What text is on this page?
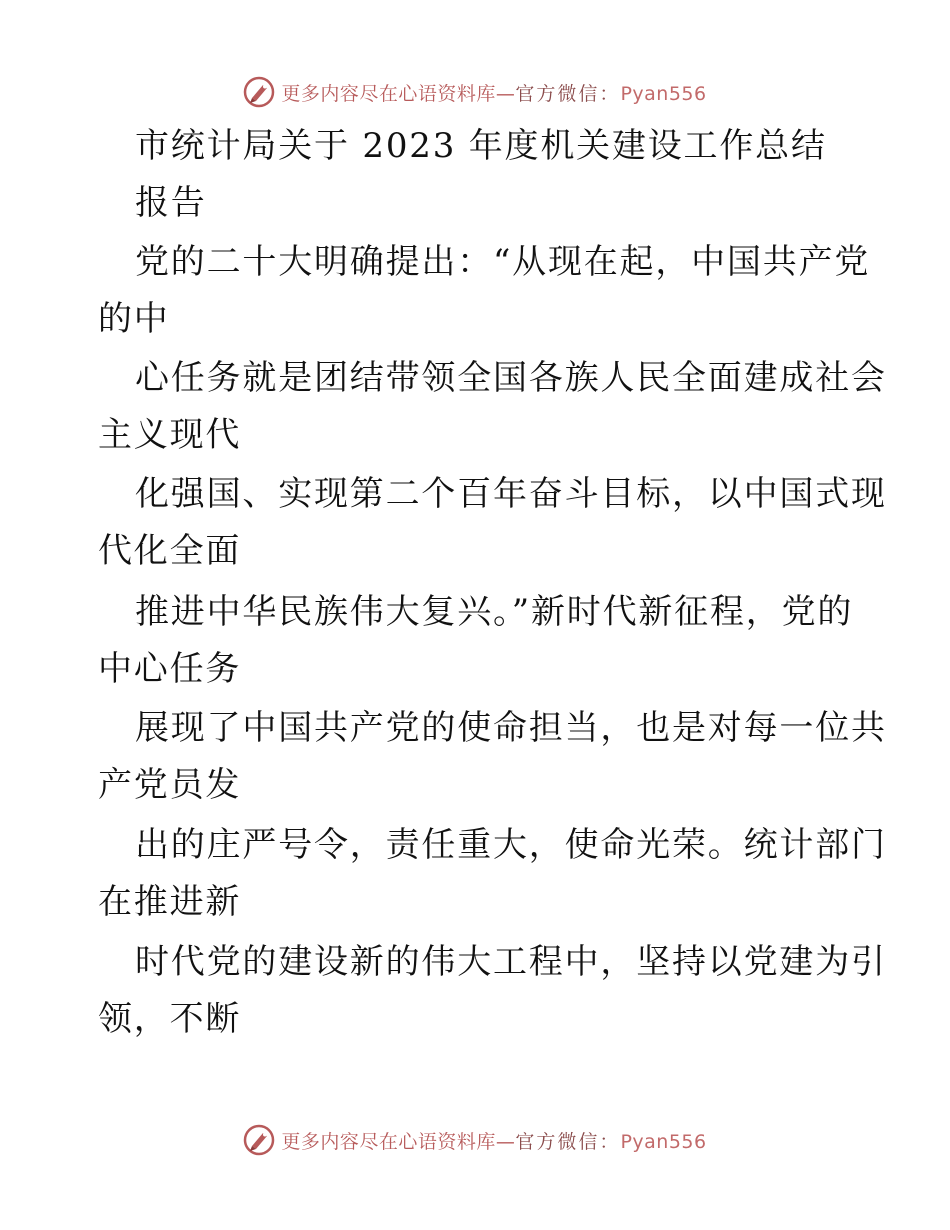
更多内容尽在心语资料库—官方微信：Pyan556
市统计局关于 2023 年度机关建设工作总结
报告
党的二十大明确提出：“从现在起，中国共产党
的中
心任务就是团结带领全国各族人民全面建成社会
主义现代
化强国、实现第二个百年奋斗目标，以中国式现
代化全面
推进中华民族伟大复兴。”新时代新征程，党的
中心任务
展现了中国共产党的使命担当，也是对每一位共
产党员发
出的庄严号令，责任重大，使命光荣。统计部门
在推进新
时代党的建设新的伟大工程中，坚持以党建为引
领，不断
更多内容尽在心语资料库—官方微信：Pyan556
